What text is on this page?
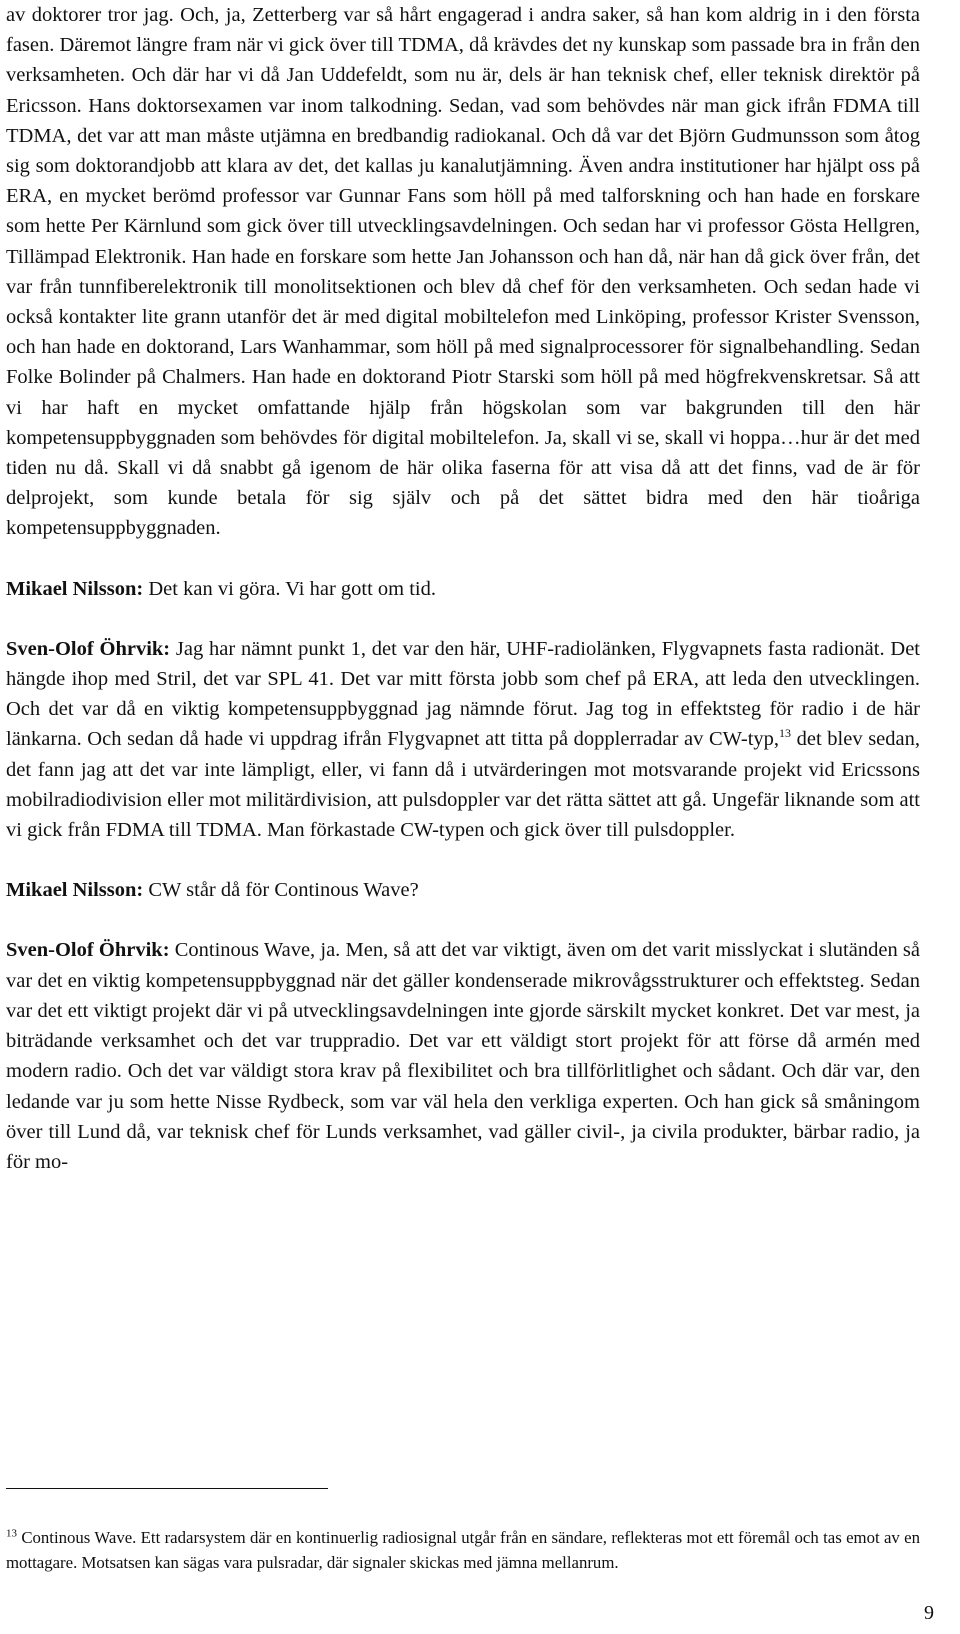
av doktorer tror jag. Och, ja, Zetterberg var så hårt engagerad i andra saker, så han kom aldrig in i den första fasen. Däremot längre fram när vi gick över till TDMA, då krävdes det ny kunskap som passade bra in från den verksamheten. Och där har vi då Jan Uddefeldt, som nu är, dels är han teknisk chef, eller teknisk direktör på Ericsson. Hans doktorsexamen var inom talkodning. Sedan, vad som behövdes när man gick ifrån FDMA till TDMA, det var att man måste utjämna en bredbandig radiokanal. Och då var det Björn Gudmunsson som åtog sig som doktorandjobb att klara av det, det kallas ju kanalutjämning. Även andra institutioner har hjälpt oss på ERA, en mycket berömd professor var Gunnar Fans som höll på med talforskning och han hade en forskare som hette Per Kärnlund som gick över till utvecklingsavdelningen. Och sedan har vi professor Gösta Hellgren, Tillämpad Elektronik. Han hade en forskare som hette Jan Johansson och han då, när han då gick över från, det var från tunnfiberelektronik till monolitsektionen och blev då chef för den verksamheten. Och sedan hade vi också kontakter lite grann utanför det är med digital mobiltelefon med Linköping, professor Krister Svensson, och han hade en doktorand, Lars Wanhammar, som höll på med signalprocessorer för signalbehandling. Sedan Folke Bolinder på Chalmers. Han hade en doktorand Piotr Starski som höll på med högfrekvenskretsar. Så att vi har haft en mycket omfattande hjälp från högskolan som var bakgrunden till den här kompetensuppbyggnaden som behövdes för digital mobiltelefon. Ja, skall vi se, skall vi hoppa…hur är det med tiden nu då. Skall vi då snabbt gå igenom de här olika faserna för att visa då att det finns, vad de är för delprojekt, som kunde betala för sig själv och på det sättet bidra med den här tioåriga kompetensuppbyggnaden.

Mikael Nilsson: Det kan vi göra. Vi har gott om tid.

Sven-Olof Öhrvik: Jag har nämnt punkt 1, det var den här, UHF-radiolänken, Flygvapnets fasta radionät. Det hängde ihop med Stril, det var SPL 41. Det var mitt första jobb som chef på ERA, att leda den utvecklingen. Och det var då en viktig kompetensuppbyggnad jag nämnde förut. Jag tog in effektsteg för radio i de här länkarna. Och sedan då hade vi uppdrag ifrån Flygvapnet att titta på dopplerradar av CW-typ,$^{13}$ det blev sedan, det fann jag att det var inte lämpligt, eller, vi fann då i utvärderingen mot motsvarande projekt vid Ericssons mobilradiodivision eller mot militärdivision, att pulsdoppler var det rätta sättet att gå. Ungefär liknande som att vi gick från FDMA till TDMA. Man förkastade CW-typen och gick över till pulsdoppler.

Mikael Nilsson: CW står då för Continous Wave?

Sven-Olof Öhrvik: Continous Wave, ja. Men, så att det var viktigt, även om det varit misslyckat i slutänden så var det en viktig kompetensuppbyggnad när det gäller kondenserade mikrovågsstrukturer och effektsteg. Sedan var det ett viktigt projekt där vi på utvecklingsavdelningen inte gjorde särskilt mycket konkret. Det var mest, ja biträdande verksamhet och det var truppradio. Det var ett väldigt stort projekt för att förse då armén med modern radio. Och det var väldigt stora krav på flexibilitet och bra tillförlitlighet och sådant. Och där var, den ledande var ju som hette Nisse Rydbeck, som var väl hela den verkliga experten. Och han gick så småningom över till Lund då, var teknisk chef för Lunds verksamhet, vad gäller civil-, ja civila produkter, bärbar radio, ja för mo-

$^{13}$ Continous Wave. Ett radarsystem där en kontinuerlig radiosignal utgår från en sändare, reflekteras mot ett föremål och tas emot av en mottagare. Motsatsen kan sägas vara pulsradar, där signaler skickas med jämna mellanrum.

9
